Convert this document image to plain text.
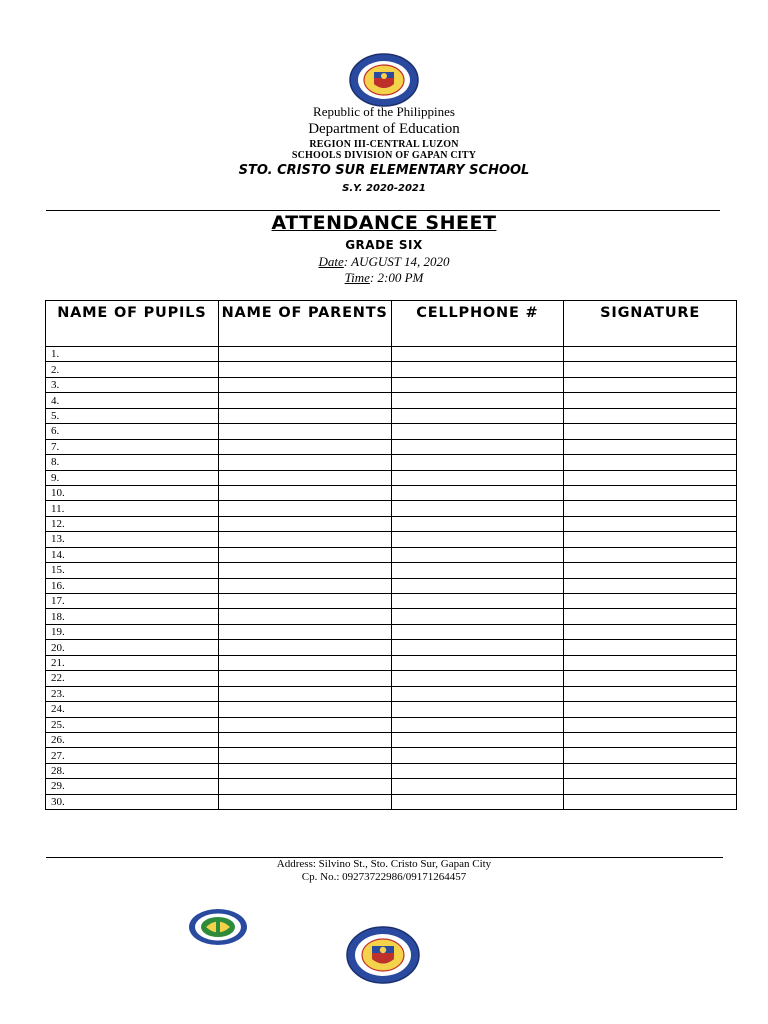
Republic of the Philippines
Department of Education
REGION III-CENTRAL LUZON
SCHOOLS DIVISION OF GAPAN CITY
STO. CRISTO SUR ELEMENTARY SCHOOL
S.Y. 2020-2021
ATTENDANCE SHEET
GRADE SIX
Date: AUGUST 14, 2020
Time: 2:00 PM
NAME OF PUPILS	NAME OF PARENTS	CELLPHONE #	SIGNATURE
1.			
2.			
3.			
4.			
5.			
6.			
7.			
8.			
9.			
10.			
11.			
12.			
13.			
14.			
15.			
16.			
17.			
18.			
19.			
20.			
21.			
22.			
23.			
24.			
25.			
26.			
27.			
28.			
29.			
30.			
Address: Silvino St., Sto. Cristo Sur, Gapan City
Cp. No.: 09273722986/09171264457
